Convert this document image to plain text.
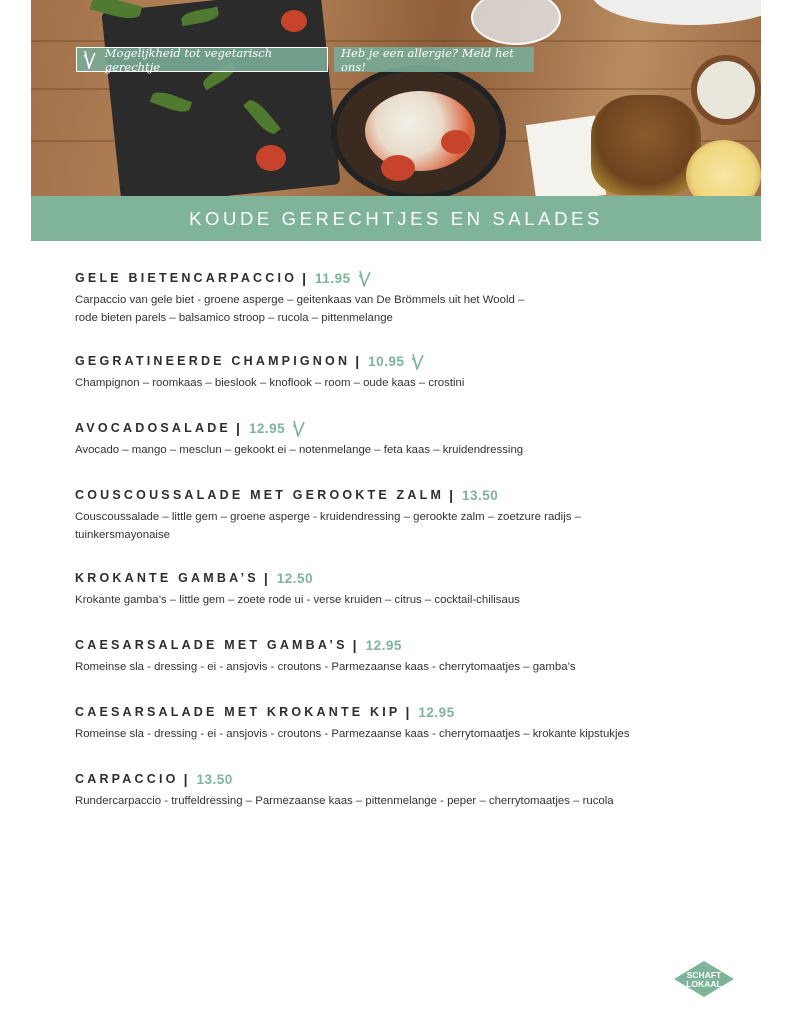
Mogelijkheid tot vegetarisch gerechtje
Heb je een allergie? Meld het ons!
KOUDE GERECHTJES EN SALADES
GELE BIETENCARPACCIO | 11.95
Carpaccio van gele biet - groene asperge – geitenkaas van De Brömmels uit het Woold –
rode bieten parels – balsamico stroop – rucola – pittenmelange
GEGRATINEERDE CHAMPIGNON | 10.95
Champignon – roomkaas – bieslook – knoflook – room – oude kaas – crostini
AVOCADOSALADE | 12.95
Avocado – mango – mesclun – gekookt ei – notenmelange – feta kaas – kruidendressing
COUSCOUSSALADE MET GEROOKTE ZALM | 13.50
Couscoussalade – little gem – groene asperge - kruidendressing – gerookte zalm – zoetzure radijs –
tuinkersmayonaise
KROKANTE GAMBA’S | 12.50
Krokante gamba’s – little gem – zoete rode ui - verse kruiden – citrus – cocktail-chilisaus
CAESARSALADE MET GAMBA’S | 12.95
Romeinse sla - dressing - ei - ansjovis - croutons - Parmezaanse kaas - cherrytomaatjes – gamba’s
CAESARSALADE MET KROKANTE KIP | 12.95
Romeinse sla - dressing - ei - ansjovis - croutons - Parmezaanse kaas - cherrytomaatjes – krokante kipstukjes
CARPACCIO | 13.50
Rundercarpaccio - truffeldressing – Parmezaanse kaas – pittenmelange - peper – cherrytomaatjes – rucola
SCHAFT
LOKAAL
